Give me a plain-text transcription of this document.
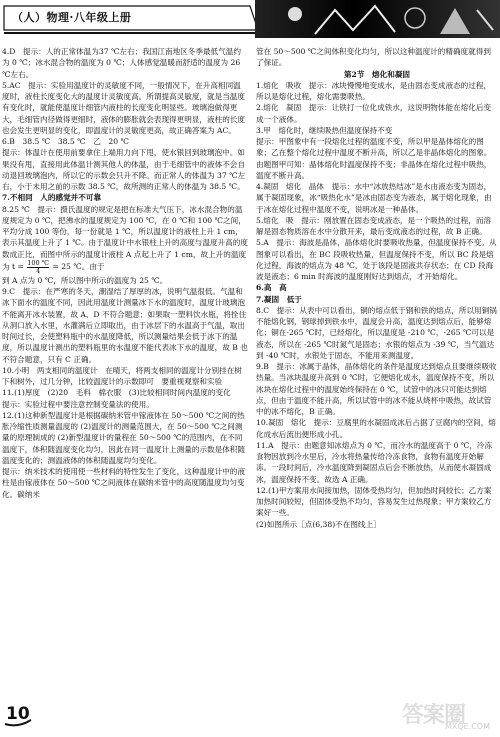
（人）物理·八年级上册

4.D　提示：人的正常体温为37 ℃左右；我国江南地区冬季最低气温约为 0 ℃；冰水混合物的温度为 0 ℃；人体感觉温暖而舒适的温度为 26 ℃左右。

5.AC　提示：实验用温度计的灵敏度不同，一般情况下，在升高相同温度时，液柱长度变化大的温度计灵敏度高。所谓提高灵敏度，就是当温度有变化时，就能使温度计细管内液柱的长度变化明显些。玻璃泡做得更大，毛细管内径做得更细时，液体的膨胀就会表现得更明显，液柱的长度也会发生更明显的变化，即温度计的灵敏度更高，故正确答案为 AC。

6.B　38.5 ℃　38.5 ℃　乙　20 ℃

提示：体温计在使用前要拿住上端用力向下甩，使水银回到玻璃泡中。如果没有甩，直接用此体温计测其他人的体温，由于毛细管中的液体不会自动退回玻璃泡内，所以它的示数会只升不降。而正常人的体温为 37 ℃左右，小于未用之前的示数 38.5 ℃，故所测的正常人的体温为 38.5 ℃。

7.不相同　人的感觉并不可靠

8.25 ℃　提示：摄氏温度的规定是把在标准大气压下，冰水混合物的温度规定为 0 ℃，把沸水的温度规定为 100 ℃，在 0 ℃和 100 ℃之间，平均分成 100 等份，每一份就是 1 ℃，所以温度计的液柱上升 1 cm，表示其温度上升了 1 ℃。由于温度计中水银柱上升的高度与温度升高的度数成正比，而图中所示的温度计液柱 A 点起上升了 1 cm，故上升的温度为 $t = \frac{100 ℃}{4} = 25$ ℃。由于

到 A 点为 0 ℃，所以图中所示的温度为 25 ℃。

9.C　提示：在严寒的冬天，潮湿结了厚厚的冰，说明气温很低。气温和冰下面水的温度不同，因此用温度计测量冰下水的温度时，温度计玻璃泡不能离开冰水装置，故 A、D 不符合题意；如果取一塑料饮水瓶，将拴住从洞口放入水里，水灌满后立即取出，由于冰层下的水温高于气温，取出时间过长，会使塑料瓶中的水温度降低，所以测量结果会低于冰下的温度，所以温度计测出的塑料瓶里的水温度不能代表冰下水的温度，故 B 也不符合题意，只有 C 正确。

10.小明　两支相同的温度计　在晴天，将两支相同的温度计分别挂在树下和树外，过几分钟，比较温度计的示数即可　要重视观察和实验

11.(1)厚度　(2)20　毛料　棉衣服　(3)比较相同时间内温度的变化

提示：实验过程中要注意控制变量法的使用。

12.(1)这种新型温度计是根据碳纳米管中镓液体在 50～500 ℃之间的热胀冷缩性质测量温度的 (2)温度计的测量范围大，在 50～500 ℃之间测量的原理制成的 (2)新型温度计的量程在 50～500 ℃的范围内，在不同温度下，体积随温度变化均匀，因此在同一温度计上测量的示数是体积随温度变化的；测温液体的体积随温度均匀变化。

提示：纳米技术的使用使一些材料的特性发生了变化，这种温度计中的液柱是由镓液体在 50～500 ℃之间液体在碳纳米管中的高度随温度均匀变化。碳纳米

管在 50～500 ℃之间体积变化均匀，所以这种温度计的精确度就得到了保证。

第2节　熔化和凝固

1.熔化　吸收　提示：冰块慢慢地变成水，是由固态变成液态的过程，所以是熔化过程，熔化需要吸热。

2.熔化　凝固　提示：让铁打一位化成铁水，这说明物体能在熔化后变成一个液体。

3.甲　熔化时，继续吸热但温度保持不变

提示：甲图象中有一段熔化过程的温度不变，所以甲是晶体熔化的图象；乙在整个熔化过程中温度不断升高，所以乙是非晶体熔化的图象。由题图甲可知：晶体熔化时温度保持不变；非晶体在熔化过程中吸热，温度不断升高。

4.凝固　熔化　晶体　提示：水中“冰放热结冰”是水由液态变为固态，属于凝固现象，冰“吸热化水”是冰由固态变为液态，属于熔化现象，由于冰在熔化过程中温度不变，说明冰是一种晶体。

5.熔化　吸　提示：刚放置在固态变成液态，是一个吸热的过程，而溶解是固态物质溶在水中分散开来，最后变成液态的过程，故 B 正确。

5.A　提示：海波是晶体，晶体熔化时要吸收热量，但温度保持不变。从图象可以看出，在 BC 段吸收热量，但温度保持不变，所以 BC 段是熔化过程，海波的熔点为 48 ℃，处于该段是固液共存状态；在 CD 段海波是液态；6 min 时海波的温度刚好达到熔点，才开始熔化。

6.高　高

7.凝固　低于

8.C　提示：从表中可以看出，铜的熔点低于钢和铁的熔点，所以用铜锅不能熔化钢，钢球掉到铁水中，温度会升高，温度达到熔点后，能够熔化；铜在-265 ℃时，已经熔化，所以温度是 -210 ℃，-265 ℃可以是液态，所以在 -265 ℃时氮气是固态；水银的熔点为 -39 ℃，当气温达到 -40 ℃时，水银处于固态，不能用来测温度。

9.B　提示：冰属于晶体，晶体熔化的条件是温度达到熔点且要继续吸收热量。当冰块温度升高到 0 ℃时，它便熔化成水，温度保持不变，所以冰块在熔化过程中的温度始终保持在 0 ℃，试管中的冰只可能达到熔点，但由于温度不能升高，所以试管中的冰不能从烧杯中吸热，故试管中的冰不熔化，B 正确。

10.凝固　熔化　提示：豆腐里的水凝固成冰后占据了豆腐内的空间，熔化成水后流出便形成小孔。

11.A　提示：由题意知冰熔点为 0 ℃，而冷水的温度高于 0 ℃，冷冻食物因放到冷水里后，冷水将热量传给冷冻食物，食物有温度开始解冻。一段时间后，冷水温度降到凝固点后会不断放热，从而使水凝固成冰，温度保持不变。故选 A 正确。

12.(1)甲方案用水间接加热，固体受热均匀，但加热时间较长；乙方案加热时间较短，但固体受热不均匀，容易发生过热现象；甲方案较乙方案好一些。

(2)如图所示［点(6,38)不在图线上］

10	答案圈
MXQE.COM
